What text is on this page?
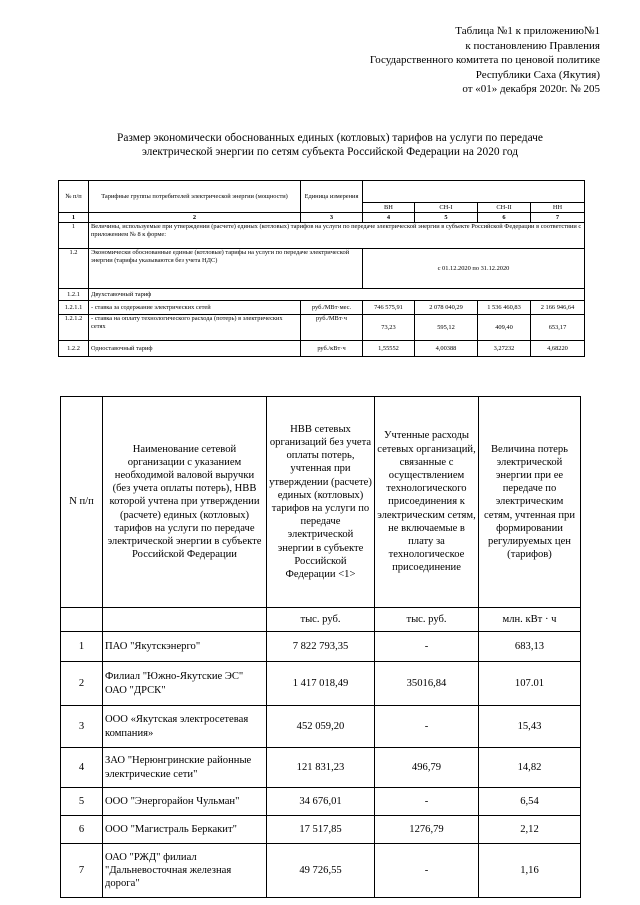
Таблица №1 к приложению№1
к постановлению Правления
Государственного комитета по ценовой политике
Республики Саха (Якутия)
от «01» декабря 2020г. № 205
Размер экономически обоснованных единых (котловых) тарифов на услуги по передаче
электрической энергии по сетям субъекта Российской Федерации на 2020 год
№ п/п	Тарифные группы потребителей электрической энергии (мощности)	Единица измерения				
			ВН	СН-I	СН-II	НН
1	2	3	4	5	6	7
1	Величины, используемые при утверждении (расчете) единых (котловых) тарифов на услуги по передаче электрической энергии в субъекте Российской Федерации в соответствии с приложением № 8 к форме:					
1.2	Экономически обоснованные единые (котловые) тарифы на услуги по передаче электрической энергии (тарифы указываются без учета НДС)		с 01.12.2020 по 31.12.2020			
1.2.1	Двухставочный тариф					
1.2.1.1	- ставка за содержание электрических сетей	руб./МВт·мес.	746 575,91	2 078 040,29	1 536 460,83	2 166 946,64
1.2.1.2	- ставка на оплату технологического расхода (потерь) в электрических сетях	руб./МВт·ч	73,23	595,12	409,40	653,17
1.2.2	Одноставочный тариф	руб./кВт·ч	1,55552	4,00388	3,27232	4,68220
N п/п	Наименование сетевой организации с указанием необходимой валовой выручки (без учета оплаты потерь), НВВ которой учтена при утверждении (расчете) единых (котловых) тарифов на услуги по передаче электрической энергии в субъекте Российской Федерации	НВВ сетевых организаций без учета оплаты потерь, учтенная при утверждении (расчете) единых (котловых) тарифов на услуги по передаче электрической энергии в субъекте Российской Федерации <1>	Учтенные расходы сетевых организаций, связанные с осуществлением технологического присоединения к электрическим сетям, не включаемые в плату за технологическое присоединение	Величина потерь электрической энергии при ее передаче по электрическим сетям, учтенная при формировании регулируемых цен (тарифов)
		тыс. руб.	тыс. руб.	млн. кВт · ч
1	ПАО "Якутскэнерго"	7 822 793,35	-	683,13
2	Филиал "Южно-Якутские ЭС" ОАО "ДРСК"	1 417 018,49	35016,84	107.01
3	ООО «Якутская электросетевая компания»	452 059,20	-	15,43
4	ЗАО "Нерюнгринские районные электрические сети"	121 831,23	496,79	14,82
5	ООО "Энергорайон Чульман"	34 676,01	-	6,54
6	ООО "Магистраль Беркакит"	17 517,85	1276,79	2,12
7	ОАО "РЖД" филиал "Дальневосточная железная дорога"	49 726,55	-	1,16
